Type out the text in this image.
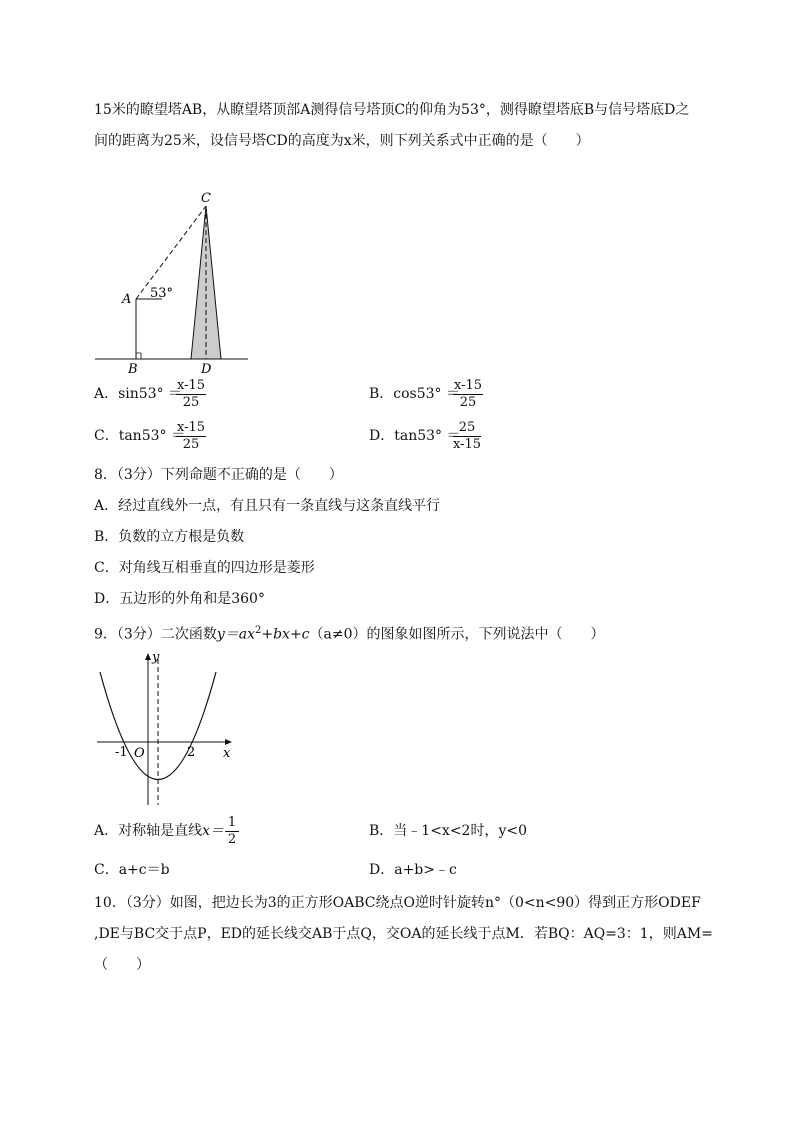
15米的瞭望塔AB，从瞭望塔顶部A测得信号塔顶C的仰角为53°，测得瞭望塔底B与信号塔底D之
间的距离为25米，设信号塔CD的高度为x米，则下列关系式中正确的是（　　）
C
A 53°
B	D
A．sin53° ＝
$\frac{x-15}{25}$	B．cos53° ＝
$\frac{x-15}{25}$
C．tan53° ＝
$\frac{x-15}{25}$	D．tan53° ＝
$\frac{25}{x-15}$
8．（3分）下列命题不正确的是（　　）
A．经过直线外一点，有且只有一条直线与这条直线平行
B．负数的立方根是负数
C．对角线互相垂直的四边形是菱形
D．五边形的外角和是360°
9．（3分）二次函数$y=ax^2+bx+c(a\ne 0)$的图象如图所示，下列说法中（　　）
y
x
-1 O	2
A．对称轴是直线$x= \frac{1}{2}$	B．当﹣1<x<2时，y<0
C．a+c＝b	D．a+b>﹣c
10．（3分）如图，把边长为3的正方形OABC绕点O逆时针旋转n°（0<n<90）得到正方形ODEF
,DE与BC交于点P，ED的延长线交AB于点Q，交OA的延长线于点M．若BQ：AQ=3：1，则AM=
（　　）
